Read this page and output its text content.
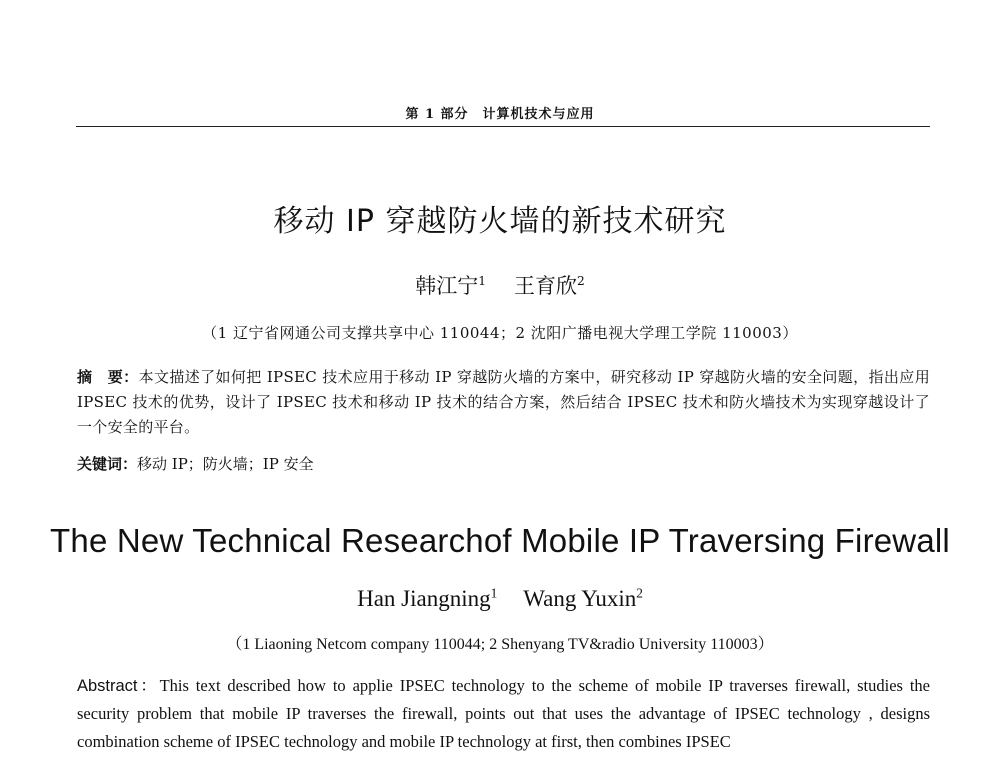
第 1 部分　计算机技术与应用
移动 IP 穿越防火墙的新技术研究
韩江宁$^1$ 王育欣$^2$
（1 辽宁省网通公司支撑共享中心 110044；2 沈阳广播电视大学理工学院 110003）
摘　要：本文描述了如何把 IPSEC 技术应用于移动 IP 穿越防火墙的方案中，研究移动 IP 穿越防火墙的安全问题，指出应用 IPSEC 技术的优势，设计了 IPSEC 技术和移动 IP 技术的结合方案，然后结合 IPSEC 技术和防火墙技术为实现穿越设计了一个安全的平台。
关键词：移动 IP；防火墙；IP 安全
The New Technical Researchof Mobile IP Traversing Firewall
Han Jiangning$^1$ Wang Yuxin$^2$
（1 Liaoning Netcom company 110044; 2 Shenyang TV&radio University 110003）
Abstract：This text described how to applie IPSEC technology to the scheme of mobile IP traverses firewall, studies the security problem that mobile IP traverses the firewall, points out that uses the advantage of IPSEC technology , designs combination scheme of IPSEC technology and mobile IP technology at first, then combines IPSEC
